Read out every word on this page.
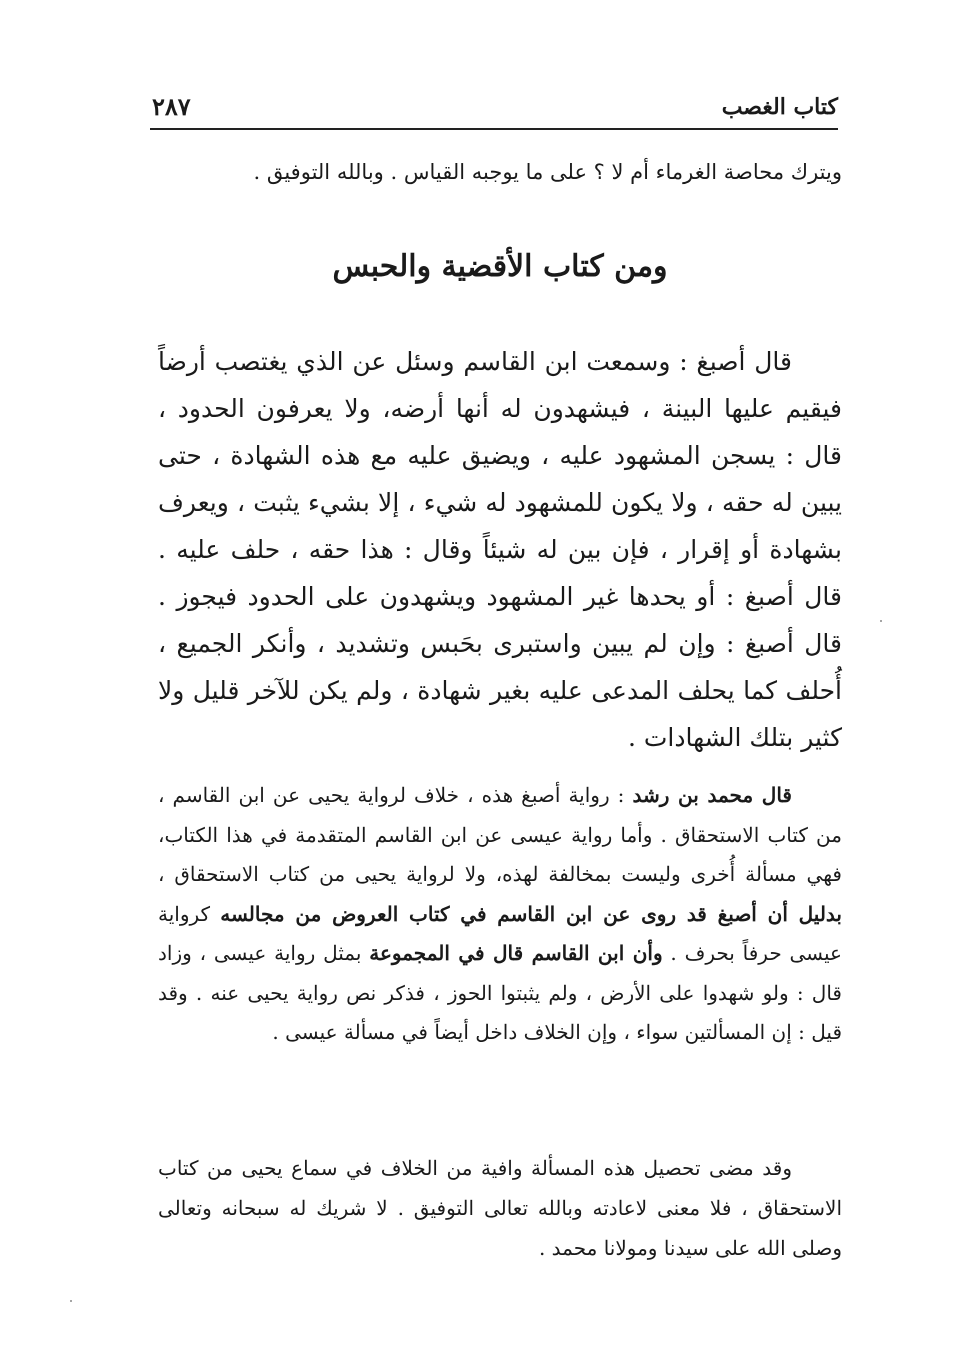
كتاب الغصب
٢٨٧
ويترك محاصة الغرماء أم لا ؟ على ما يوجبه القياس . وبالله التوفيق .
ومن كتاب الأقضية والحبس
قال أصبغ : وسمعت ابن القاسم وسئل عن الذي يغتصب أرضاً فيقيم عليها البينة ، فيشهدون له أنها أرضه، ولا يعرفون الحدود ، قال : يسجن المشهود عليه ، ويضيق عليه مع هذه الشهادة ، حتى يبين له حقه ، ولا يكون للمشهود له شيء ، إلا بشيء يثبت ، ويعرف بشهادة أو إقرار ، فإن بين له شيئاً وقال : هذا حقه ، حلف عليه . قال أصبغ : أو يحدها غير المشهود ويشهدون على الحدود فيجوز . قال أصبغ : وإن لم يبين واستبرى بحَبس وتشديد ، وأنكر الجميع ، أُحلف كما يحلف المدعى عليه بغير شهادة ، ولم يكن للآخر قليل ولا كثير بتلك الشهادات .
قال محمد بن رشد : رواية أصبغ هذه ، خلاف لرواية يحيى عن ابن القاسم ، من كتاب الاستحقاق . وأما رواية عيسى عن ابن القاسم المتقدمة في هذا الكتاب، فهي مسألة أُخرى وليست بمخالفة لهذه، ولا لرواية يحيى من كتاب الاستحقاق ، بدليل أن أصبغ قد روى عن ابن القاسم في كتاب العروض من مجالسه كرواية عيسى حرفاً بحرف . وأن ابن القاسم قال في المجموعة بمثل رواية عيسى ، وزاد قال : ولو شهدوا على الأرض ، ولم يثبتوا الحوز ، فذكر نص رواية يحيى عنه . وقد قيل : إن المسألتين سواء ، وإن الخلاف داخل أيضاً في مسألة عيسى .
وقد مضى تحصيل هذه المسألة وافية من الخلاف في سماع يحيى من كتاب الاستحقاق ، فلا معنى لاعادته وبالله تعالى التوفيق . لا شريك له سبحانه وتعالى وصلى الله على سيدنا ومولانا محمد .
